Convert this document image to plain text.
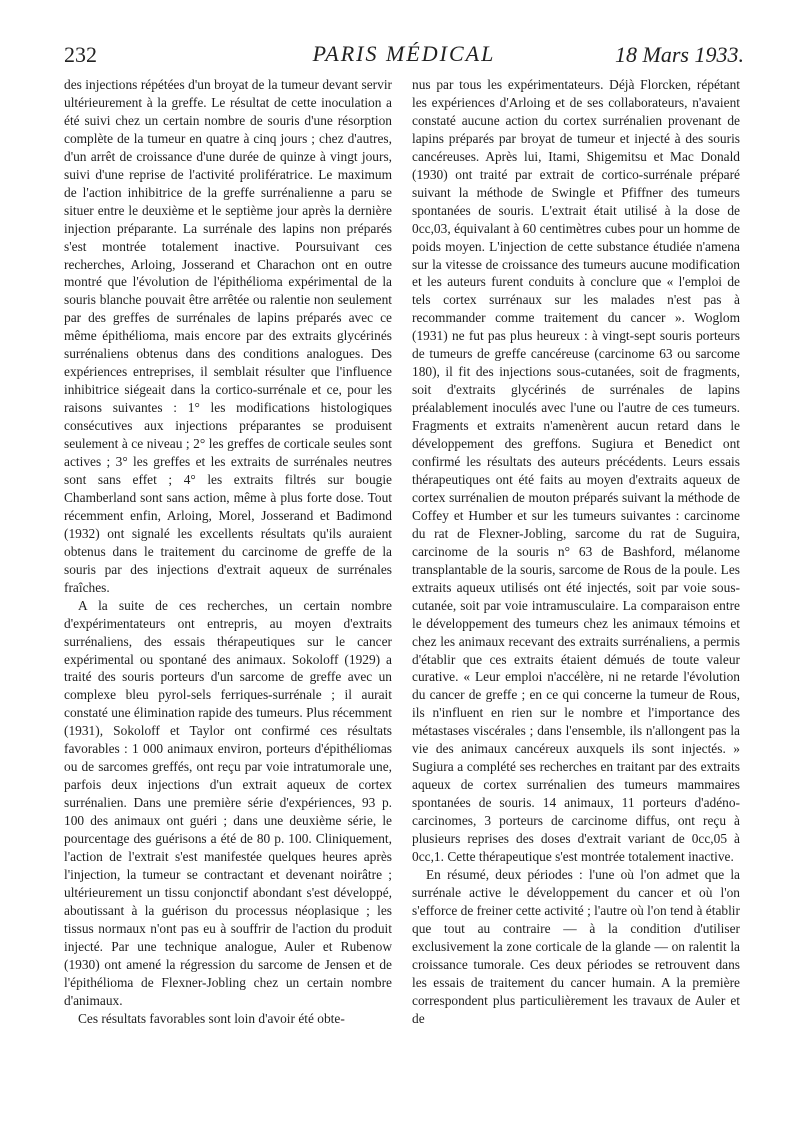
232	PARIS MÉDICAL	18 Mars 1933.

des injections répétées d'un broyat de la tumeur devant servir ultérieurement à la greffe. Le résultat de cette inoculation a été suivi chez un certain nombre de souris d'une résorption complète de la tumeur en quatre à cinq jours ; chez d'autres, d'un arrêt de croissance d'une durée de quinze à vingt jours, suivi d'une reprise de l'activité prolifératrice. Le maximum de l'action inhibitrice de la greffe surrénalienne a paru se situer entre le deuxième et le septième jour après la dernière injection préparante. La surrénale des lapins non préparés s'est montrée totalement inactive. Poursuivant ces recherches, Arloing, Josserand et Charachon ont en outre montré que l'évolution de l'épithélioma expérimental de la souris blanche pouvait être arrêtée ou ralentie non seulement par des greffes de surrénales de lapins préparés avec ce même épithélioma, mais encore par des extraits glycérinés surrénaliens obtenus dans des conditions analogues. Des expériences entreprises, il semblait résulter que l'influence inhibitrice siégeait dans la cortico-surrénale et ce, pour les raisons suivantes : 1° les modifications histologiques consécutives aux injections préparantes se produisent seulement à ce niveau ; 2° les greffes de corticale seules sont actives ; 3° les greffes et les extraits de surrénales neutres sont sans effet ; 4° les extraits filtrés sur bougie Chamberland sont sans action, même à plus forte dose. Tout récemment enfin, Arloing, Morel, Josserand et Badimond (1932) ont signalé les excellents résultats qu'ils auraient obtenus dans le traitement du carcinome de greffe de la souris par des injections d'extrait aqueux de surrénales fraîches.

A la suite de ces recherches, un certain nombre d'expérimentateurs ont entrepris, au moyen d'extraits surrénaliens, des essais thérapeutiques sur le cancer expérimental ou spontané des animaux. Sokoloff (1929) a traité des souris porteurs d'un sarcome de greffe avec un complexe bleu pyrol-sels ferriques-surrénale ; il aurait constaté une élimination rapide des tumeurs. Plus récemment (1931), Sokoloff et Taylor ont confirmé ces résultats favorables : 1 000 animaux environ, porteurs d'épithéliomas ou de sarcomes greffés, ont reçu par voie intratumorale une, parfois deux injections d'un extrait aqueux de cortex surrénalien. Dans une première série d'expériences, 93 p. 100 des animaux ont guéri ; dans une deuxième série, le pourcentage des guérisons a été de 80 p. 100. Cliniquement, l'action de l'extrait s'est manifestée quelques heures après l'injection, la tumeur se contractant et devenant noirâtre ; ultérieurement un tissu conjonctif abondant s'est développé, aboutissant à la guérison du processus néoplasique ; les tissus normaux n'ont pas eu à souffrir de l'action du produit injecté. Par une technique analogue, Auler et Rubenow (1930) ont amené la régression du sarcome de Jensen et de l'épithélioma de Flexner-Jobling chez un certain nombre d'animaux.

Ces résultats favorables sont loin d'avoir été obte-

nus par tous les expérimentateurs. Déjà Florcken, répétant les expériences d'Arloing et de ses collaborateurs, n'avaient constaté aucune action du cortex surrénalien provenant de lapins préparés par broyat de tumeur et injecté à des souris cancéreuses. Après lui, Itami, Shigemitsu et Mac Donald (1930) ont traité par extrait de cortico-surrénale préparé suivant la méthode de Swingle et Pfiffner des tumeurs spontanées de souris. L'extrait était utilisé à la dose de 0cc,03, équivalant à 60 centimètres cubes pour un homme de poids moyen. L'injection de cette substance étudiée n'amena sur la vitesse de croissance des tumeurs aucune modification et les auteurs furent conduits à conclure que « l'emploi de tels cortex surrénaux sur les malades n'est pas à recommander comme traitement du cancer ». Woglom (1931) ne fut pas plus heureux : à vingt-sept souris porteurs de tumeurs de greffe cancéreuse (carcinome 63 ou sarcome 180), il fit des injections sous-cutanées, soit de fragments, soit d'extraits glycérinés de surrénales de lapins préalablement inoculés avec l'une ou l'autre de ces tumeurs. Fragments et extraits n'amenèrent aucun retard dans le développement des greffons. Sugiura et Benedict ont confirmé les résultats des auteurs précédents. Leurs essais thérapeutiques ont été faits au moyen d'extraits aqueux de cortex surrénalien de mouton préparés suivant la méthode de Coffey et Humber et sur les tumeurs suivantes : carcinome du rat de Flexner-Jobling, sarcome du rat de Suguira, carcinome de la souris n° 63 de Bashford, mélanome transplantable de la souris, sarcome de Rous de la poule. Les extraits aqueux utilisés ont été injectés, soit par voie sous-cutanée, soit par voie intramusculaire. La comparaison entre le développement des tumeurs chez les animaux témoins et chez les animaux recevant des extraits surrénaliens, a permis d'établir que ces extraits étaient démués de toute valeur curative. « Leur emploi n'accélère, ni ne retarde l'évolution du cancer de greffe ; en ce qui concerne la tumeur de Rous, ils n'influent en rien sur le nombre et l'importance des métastases viscérales ; dans l'ensemble, ils n'allongent pas la vie des animaux cancéreux auxquels ils sont injectés. » Sugiura a complété ses recherches en traitant par des extraits aqueux de cortex surrénalien des tumeurs mammaires spontanées de souris. 14 animaux, 11 porteurs d'adéno-carcinomes, 3 porteurs de carcinome diffus, ont reçu à plusieurs reprises des doses d'extrait variant de 0cc,05 à 0cc,1. Cette thérapeutique s'est montrée totalement inactive.

En résumé, deux périodes : l'une où l'on admet que la surrénale active le développement du cancer et où l'on s'efforce de freiner cette activité ; l'autre où l'on tend à établir que tout au contraire — à la condition d'utiliser exclusivement la zone corticale de la glande — on ralentit la croissance tumorale. Ces deux périodes se retrouvent dans les essais de traitement du cancer humain. A la première correspondent plus particulièrement les travaux de Auler et de
